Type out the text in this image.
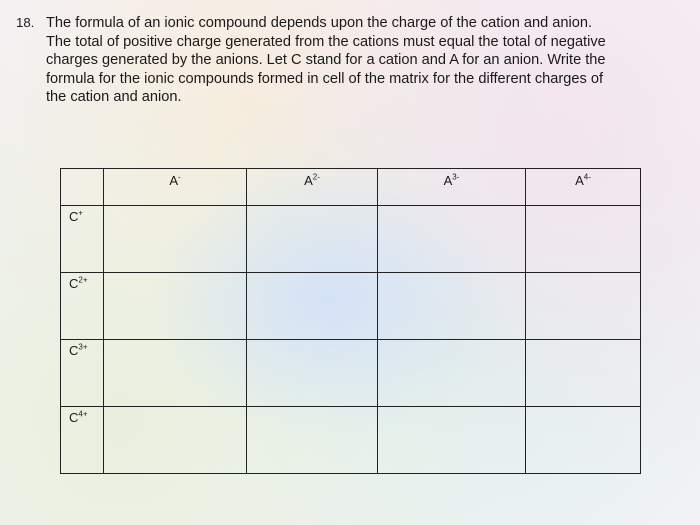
18. The formula of an ionic compound depends upon the charge of the cation and anion.
The total of positive charge generated from the cations must equal the total of negative
charges generated by the anions. Let C stand for a cation and A for an anion. Write the
formula for the ionic compounds formed in cell of the matrix for the different charges of
the cation and anion.
	A-	$A^{2-}$	$A^{3-}$	$A^{4-}$
C+				
$C^{2+}$				
$C^{3+}$				
$C^{4+}$				
